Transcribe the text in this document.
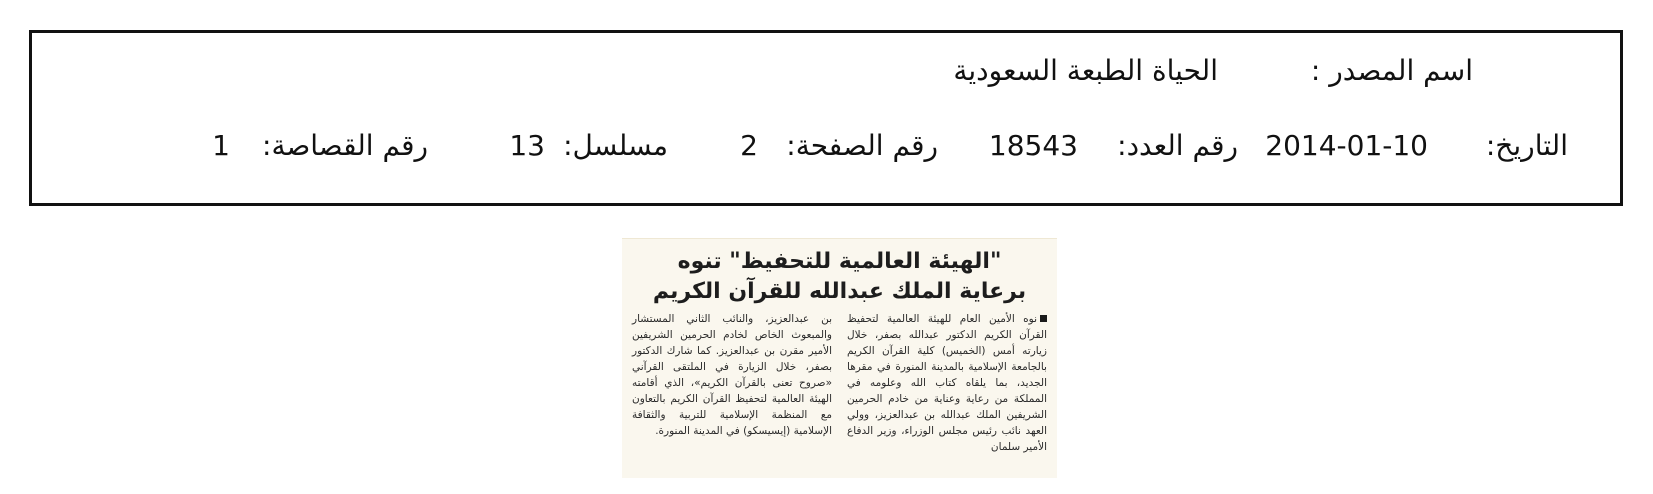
اسم المصدر :
الحياة الطبعة السعودية
التاريخ:
2014-01-10
رقم العدد:
18543
رقم الصفحة:
2
مسلسل:
13
رقم القصاصة:
1
"الهيئة العالمية للتحفيظ" تنوه
برعاية الملك عبدالله للقرآن الكريم
نوه الأمين العام للهيئة العالمية لتحفيظ القرآن الكريم الدكتور عبدالله بصفر، خلال زيارته أمس (الخميس) كلية القرآن الكريم بالجامعة الإسلامية بالمدينة المنورة في مقرها الجديد، بما يلقاه كتاب الله وعلومه في المملكة من رعاية وعناية من خادم الحرمين الشريفين الملك عبدالله بن عبدالعزيز، وولي العهد نائب رئيس مجلس الوزراء، وزير الدفاع الأمير سلمان
بن عبدالعزيز، والنائب الثاني المستشار والمبعوث الخاص لخادم الحرمين الشريفين الأمير مقرن بن عبدالعزيز. كما شارك الدكتور بصفر، خلال الزيارة في الملتقى القرآني «صروح تعنى بالقرآن الكريم»، الذي أقامته الهيئة العالمية لتحفيظ القرآن الكريم بالتعاون مع المنظمة الإسلامية للتربية والثقافة الإسلامية (إيسيسكو) في المدينة المنورة.
